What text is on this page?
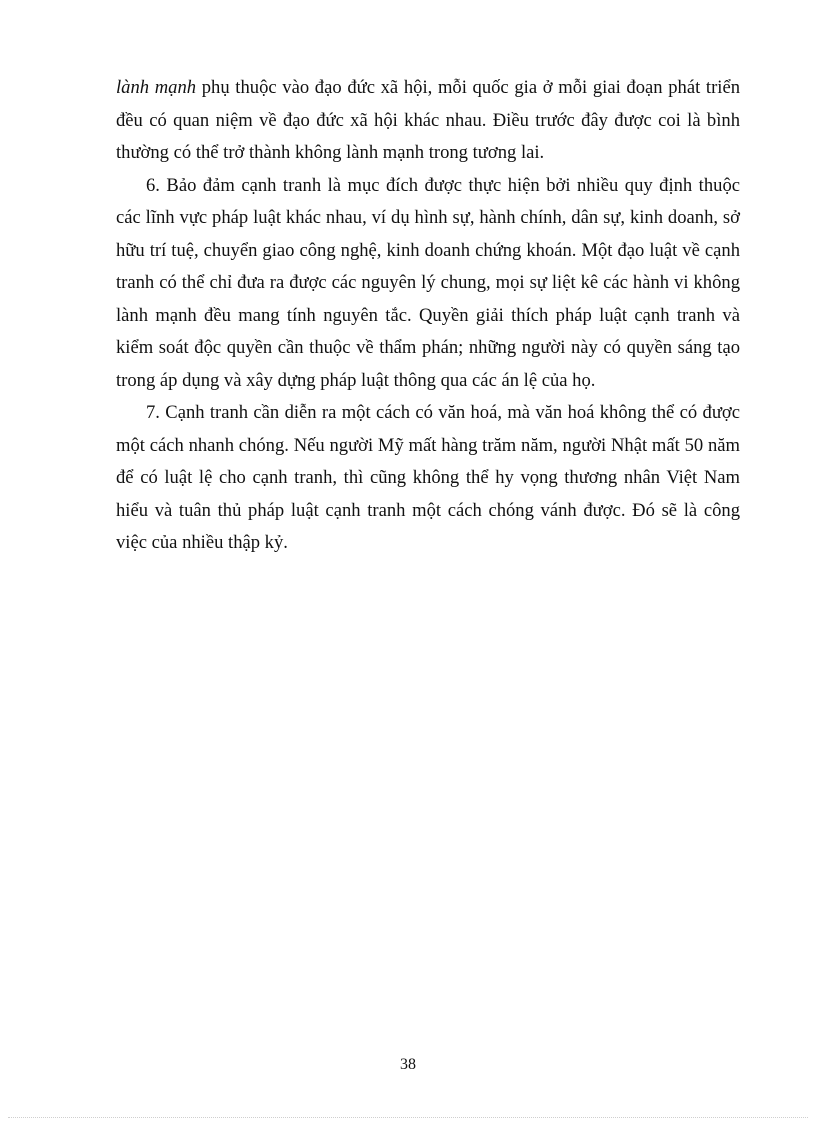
lành mạnh phụ thuộc vào đạo đức xã hội, mỗi quốc gia ở mỗi giai đoạn phát triển đều có quan niệm về đạo đức xã hội khác nhau. Điều trước đây được coi là bình thường có thể trở thành không lành mạnh trong tương lai.

6. Bảo đảm cạnh tranh là mục đích được thực hiện bởi nhiều quy định thuộc các lĩnh vực pháp luật khác nhau, ví dụ hình sự, hành chính, dân sự, kinh doanh, sở hữu trí tuệ, chuyển giao công nghệ, kinh doanh chứng khoán. Một đạo luật về cạnh tranh có thể chỉ đưa ra được các nguyên lý chung, mọi sự liệt kê các hành vi không lành mạnh đều mang tính nguyên tắc. Quyền giải thích pháp luật cạnh tranh và kiểm soát độc quyền cần thuộc về thẩm phán; những người này có quyền sáng tạo trong áp dụng và xây dựng pháp luật thông qua các án lệ của họ.

7. Cạnh tranh cần diễn ra một cách có văn hoá, mà văn hoá không thể có được một cách nhanh chóng. Nếu người Mỹ mất hàng trăm năm, người Nhật mất 50 năm để có luật lệ cho cạnh tranh, thì cũng không thể hy vọng thương nhân Việt Nam hiểu và tuân thủ pháp luật cạnh tranh một cách chóng vánh được. Đó sẽ là công việc của nhiều thập kỷ.

38
